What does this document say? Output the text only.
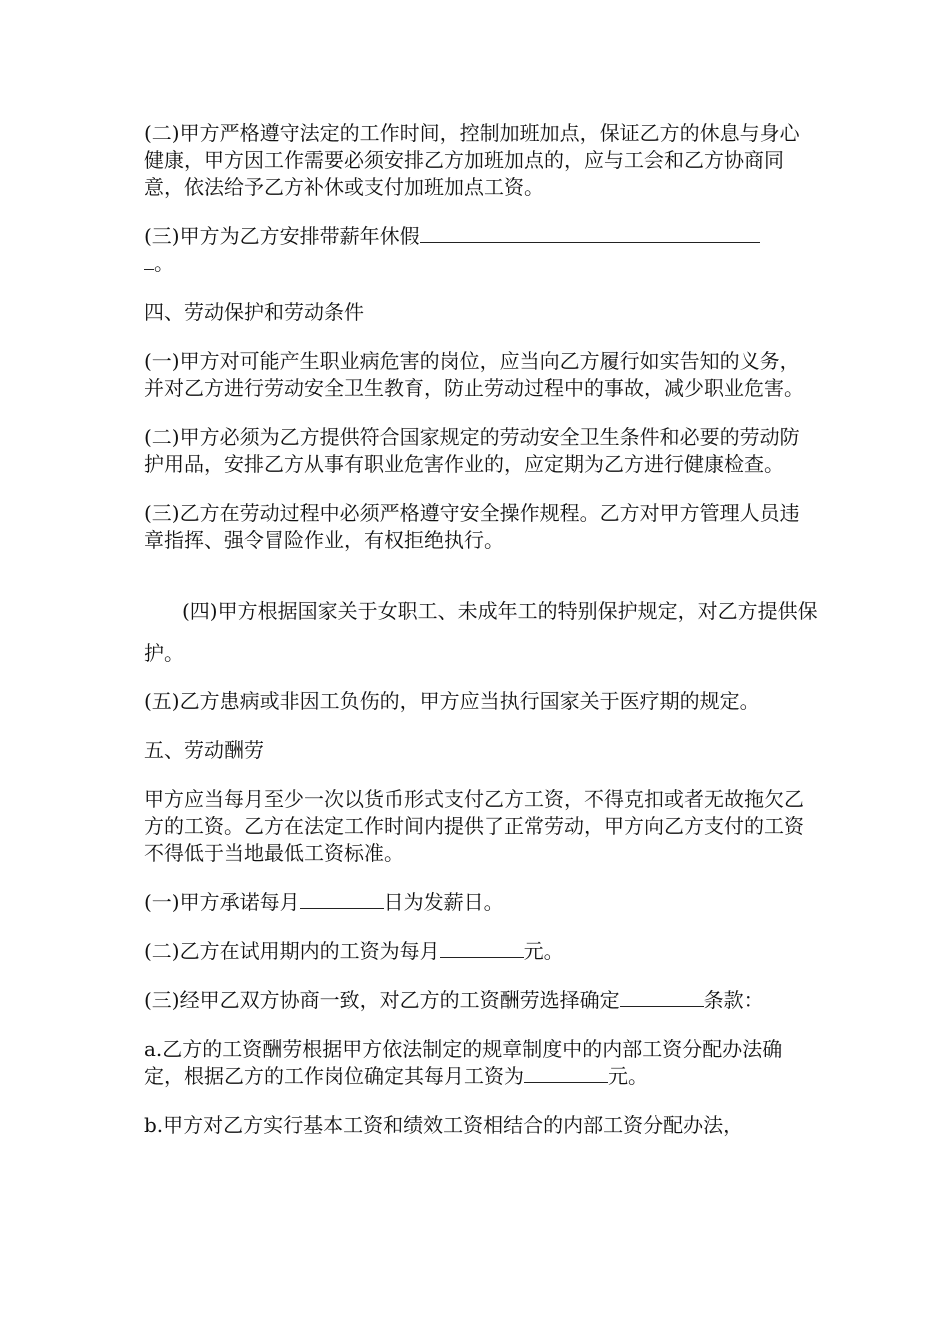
(二)甲方严格遵守法定的工作时间，控制加班加点，保证乙方的休息与身心健康，甲方因工作需要必须安排乙方加班加点的，应与工会和乙方协商同意，依法给予乙方补休或支付加班加点工资。

(三)甲方为乙方安排带薪年休假
。

四、劳动保护和劳动条件

(一)甲方对可能产生职业病危害的岗位，应当向乙方履行如实告知的义务，并对乙方进行劳动安全卫生教育，防止劳动过程中的事故，减少职业危害。

(二)甲方必须为乙方提供符合国家规定的劳动安全卫生条件和必要的劳动防护用品，安排乙方从事有职业危害作业的，应定期为乙方进行健康检查。

(三)乙方在劳动过程中必须严格遵守安全操作规程。乙方对甲方管理人员违章指挥、强令冒险作业，有权拒绝执行。

(四)甲方根据国家关于女职工、未成年工的特别保护规定，对乙方提供保护。

(五)乙方患病或非因工负伤的，甲方应当执行国家关于医疗期的规定。

五、劳动酬劳

甲方应当每月至少一次以货币形式支付乙方工资，不得克扣或者无故拖欠乙方的工资。乙方在法定工作时间内提供了正常劳动，甲方向乙方支付的工资不得低于当地最低工资标准。

(一)甲方承诺每月	日为发薪日。

(二)乙方在试用期内的工资为每月	元。

(三)经甲乙双方协商一致，对乙方的工资酬劳选择确定	条款：

a.乙方的工资酬劳根据甲方依法制定的规章制度中的内部工资分配办法确定，根据乙方的工作岗位确定其每月工资为	元。

b.甲方对乙方实行基本工资和绩效工资相结合的内部工资分配办法，
